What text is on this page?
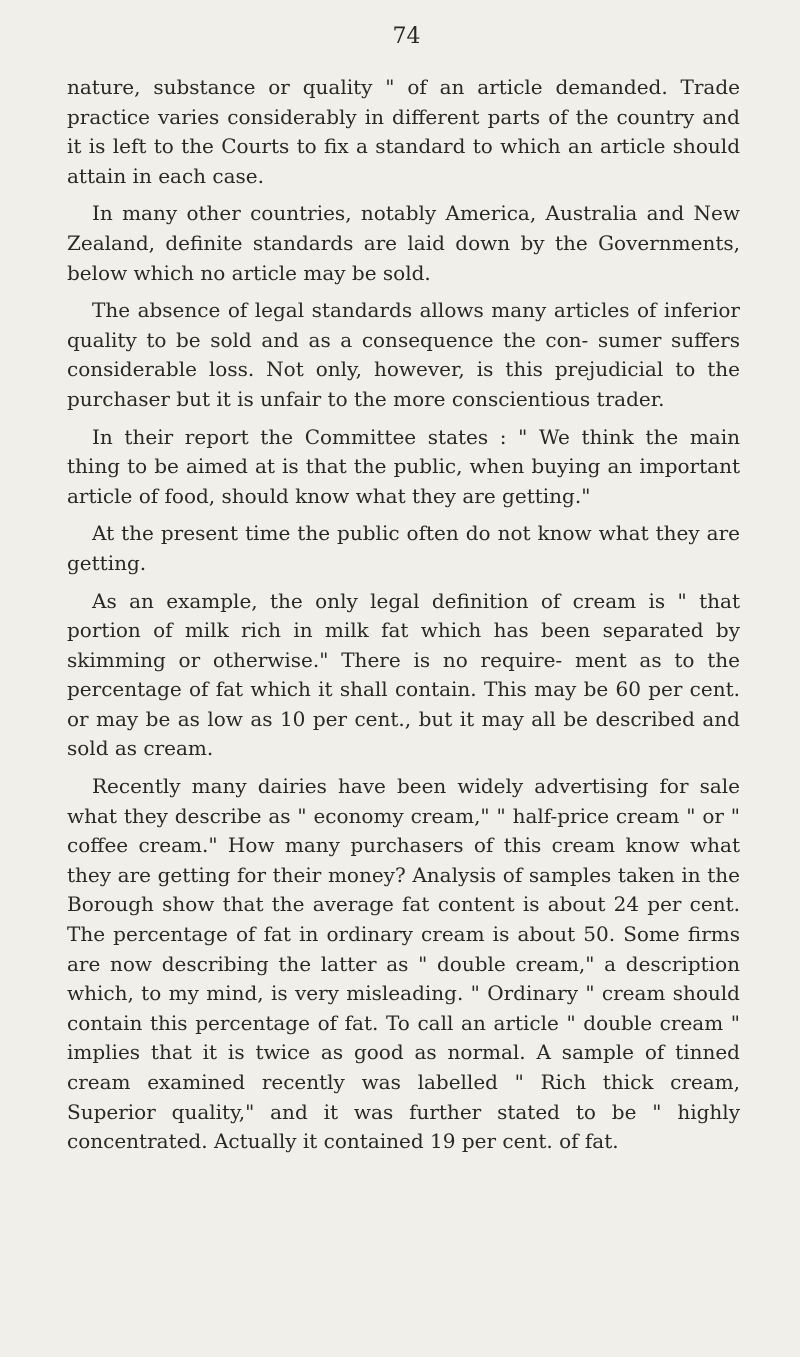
74

nature, substance or quality " of an article demanded. Trade practice varies considerably in different parts of the country and it is left to the Courts to fix a standard to which an article should attain in each case.

In many other countries, notably America, Australia and New Zealand, definite standards are laid down by the Governments, below which no article may be sold.

The absence of legal standards allows many articles of inferior quality to be sold and as a consequence the con- sumer suffers considerable loss. Not only, however, is this prejudicial to the purchaser but it is unfair to the more conscientious trader.

In their report the Committee states : " We think the main thing to be aimed at is that the public, when buying an important article of food, should know what they are getting."

At the present time the public often do not know what they are getting.

As an example, the only legal definition of cream is " that portion of milk rich in milk fat which has been separated by skimming or otherwise." There is no require- ment as to the percentage of fat which it shall contain. This may be 60 per cent. or may be as low as 10 per cent., but it may all be described and sold as cream.

Recently many dairies have been widely advertising for sale what they describe as " economy cream," " half-price cream " or " coffee cream." How many purchasers of this cream know what they are getting for their money? Analysis of samples taken in the Borough show that the average fat content is about 24 per cent. The percentage of fat in ordinary cream is about 50. Some firms are now describing the latter as " double cream," a description which, to my mind, is very misleading. " Ordinary " cream should contain this percentage of fat. To call an article " double cream " implies that it is twice as good as normal. A sample of tinned cream examined recently was labelled " Rich thick cream, Superior quality," and it was further stated to be " highly concentrated. Actually it contained 19 per cent. of fat.
